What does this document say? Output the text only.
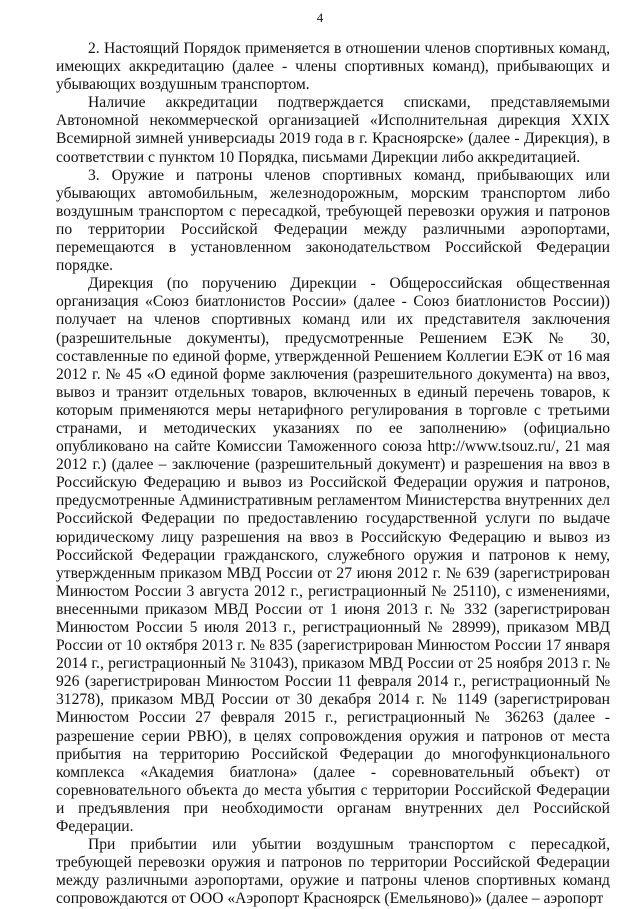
4

2. Настоящий Порядок применяется в отношении членов спортивных команд, имеющих аккредитацию (далее - члены спортивных команд), прибывающих и убывающих воздушным транспортом.

Наличие аккредитации подтверждается списками, представляемыми Автономной некоммерческой организацией «Исполнительная дирекция XXIX Всемирной зимней универсиады 2019 года в г. Красноярске» (далее - Дирекция), в соответствии с пунктом 10 Порядка, письмами Дирекции либо аккредитацией.

3. Оружие и патроны членов спортивных команд, прибывающих или убывающих автомобильным, железнодорожным, морским транспортом либо воздушным транспортом с пересадкой, требующей перевозки оружия и патронов по территории Российской Федерации между различными аэропортами, перемещаются в установленном законодательством Российской Федерации порядке.

Дирекция (по поручению Дирекции - Общероссийская общественная организация «Союз биатлонистов России» (далее - Союз биатлонистов России)) получает на членов спортивных команд или их представителя заключения (разрешительные документы), предусмотренные Решением ЕЭК № 30, составленные по единой форме, утвержденной Решением Коллегии ЕЭК от 16 мая 2012 г. № 45 «О единой форме заключения (разрешительного документа) на ввоз, вывоз и транзит отдельных товаров, включенных в единый перечень товаров, к которым применяются меры нетарифного регулирования в торговле с третьими странами, и методических указаниях по ее заполнению» (официально опубликовано на сайте Комиссии Таможенного союза http://www.tsouz.ru/, 21 мая 2012 г.) (далее – заключение (разрешительный документ) и разрешения на ввоз в Российскую Федерацию и вывоз из Российской Федерации оружия и патронов, предусмотренные Административным регламентом Министерства внутренних дел Российской Федерации по предоставлению государственной услуги по выдаче юридическому лицу разрешения на ввоз в Российскую Федерацию и вывоз из Российской Федерации гражданского, служебного оружия и патронов к нему, утвержденным приказом МВД России от 27 июня 2012 г. № 639 (зарегистрирован Минюстом России 3 августа 2012 г., регистрационный № 25110), с изменениями, внесенными приказом МВД России от 1 июня 2013 г. № 332 (зарегистрирован Минюстом России 5 июля 2013 г., регистрационный № 28999), приказом МВД России от 10 октября 2013 г. № 835 (зарегистрирован Минюстом России 17 января 2014 г., регистрационный № 31043), приказом МВД России от 25 ноября 2013 г. № 926 (зарегистрирован Минюстом России 11 февраля 2014 г., регистрационный № 31278), приказом МВД России от 30 декабря 2014 г. № 1149 (зарегистрирован Минюстом России 27 февраля 2015 г., регистрационный № 36263 (далее - разрешение серии РВЮ), в целях сопровождения оружия и патронов от места прибытия на территорию Российской Федерации до многофункционального комплекса «Академия биатлона» (далее - соревновательный объект) от соревновательного объекта до места убытия с территории Российской Федерации и предъявления при необходимости органам внутренних дел Российской Федерации.

При прибытии или убытии воздушным транспортом с пересадкой, требующей перевозки оружия и патронов по территории Российской Федерации между различными аэропортами, оружие и патроны членов спортивных команд сопровождаются от ООО «Аэропорт Красноярск (Емельяново)» (далее – аэропорт
